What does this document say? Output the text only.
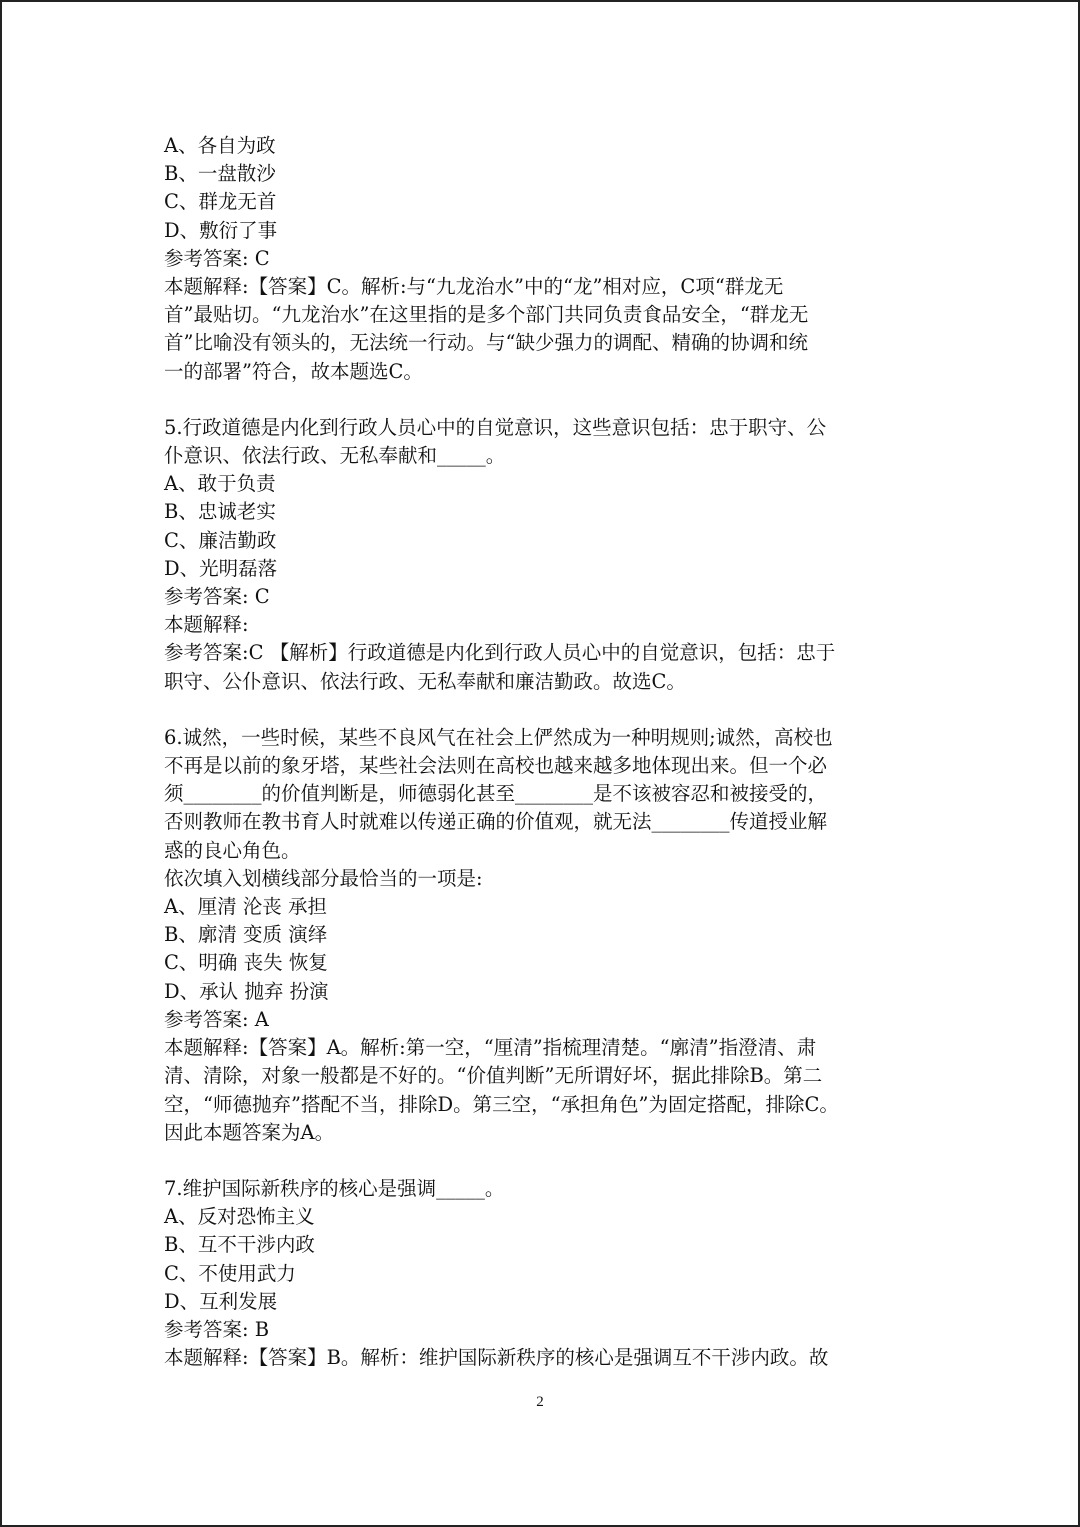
A、各自为政
B、一盘散沙
C、群龙无首
D、敷衍了事
参考答案: C
本题解释:【答案】C。解析:与“九龙治水”中的“龙”相对应，C项“群龙无
首”最贴切。“九龙治水”在这里指的是多个部门共同负责食品安全，“群龙无
首”比喻没有领头的，无法统一行动。与“缺少强力的调配、精确的协调和统
一的部署”符合，故本题选C。
5.行政道德是内化到行政人员心中的自觉意识，这些意识包括：忠于职守、公
仆意识、依法行政、无私奉献和_____。
A、敢于负责
B、忠诚老实
C、廉洁勤政
D、光明磊落
参考答案: C
本题解释:
参考答案:C 【解析】行政道德是内化到行政人员心中的自觉意识，包括：忠于
职守、公仆意识、依法行政、无私奉献和廉洁勤政。故选C。
6.诚然，一些时候，某些不良风气在社会上俨然成为一种明规则;诚然，高校也
不再是以前的象牙塔，某些社会法则在高校也越来越多地体现出来。但一个必
须________的价值判断是，师德弱化甚至________是不该被容忍和被接受的，
否则教师在教书育人时就难以传递正确的价值观，就无法________传道授业解
惑的良心角色。
依次填入划横线部分最恰当的一项是:
A、厘清 沦丧 承担
B、廓清 变质 演绎
C、明确 丧失 恢复
D、承认 抛弃 扮演
参考答案: A
本题解释:【答案】A。解析:第一空，“厘清”指梳理清楚。“廓清”指澄清、肃
清、清除，对象一般都是不好的。“价值判断”无所谓好坏，据此排除B。第二
空，“师德抛弃”搭配不当，排除D。第三空，“承担角色”为固定搭配，排除C。
因此本题答案为A。
7.维护国际新秩序的核心是强调_____。
A、反对恐怖主义
B、互不干涉内政
C、不使用武力
D、互利发展
参考答案: B
本题解释:【答案】B。解析：维护国际新秩序的核心是强调互不干涉内政。故
2
